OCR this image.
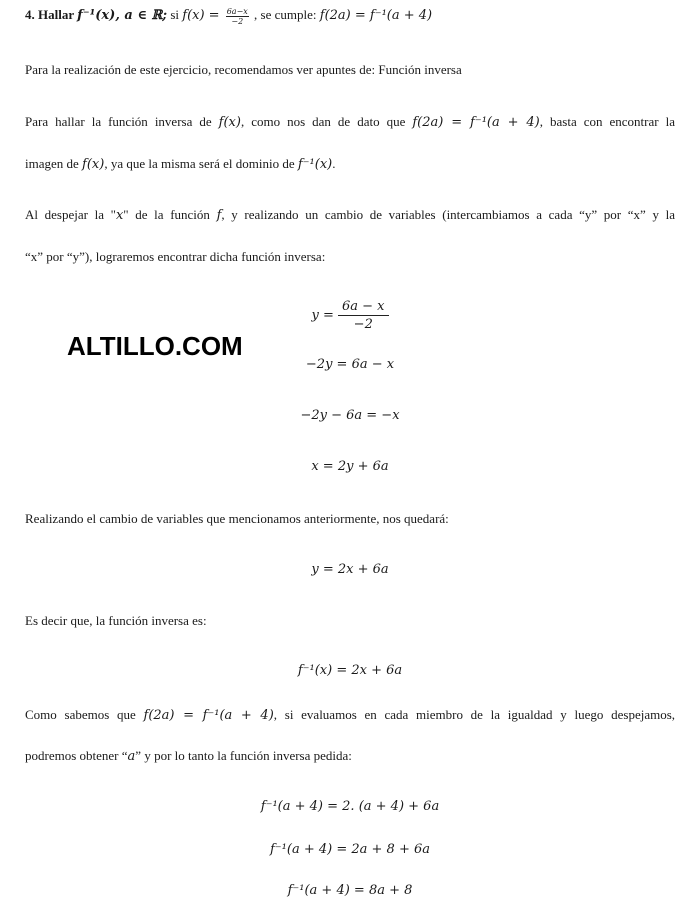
4. Hallar f⁻¹(x), a ∈ ℝ; si $f(x) = \frac{6a-x}{-2}$ , se cumple: f(2a) = f⁻¹(a + 4)
Para la realización de este ejercicio, recomendamos ver apuntes de: Función inversa
Para hallar la función inversa de f(x), como nos dan de dato que f(2a) = f⁻¹(a + 4), basta con encontrar la
imagen de f(x), ya que la misma será el dominio de f⁻¹(x).
Al despejar la "x" de la función f, y realizando un cambio de variables (intercambiamos a cada “y” por “x” y la
“x” por “y”), lograremos encontrar dicha función inversa:
$y = \frac{6a - x}{-2}$
ALTILLO.COM
−2y = 6a − x
−2y − 6a = −x
x = 2y + 6a
Realizando el cambio de variables que mencionamos anteriormente, nos quedará:
y = 2x + 6a
Es decir que, la función inversa es:
f⁻¹(x) = 2x + 6a
Como sabemos que f(2a) = f⁻¹(a + 4), si evaluamos en cada miembro de la igualdad y luego despejamos,
podremos obtener “a” y por lo tanto la función inversa pedida:
f⁻¹(a + 4) = 2. (a + 4) + 6a
f⁻¹(a + 4) = 2a + 8 + 6a
f⁻¹(a + 4) = 8a + 8
